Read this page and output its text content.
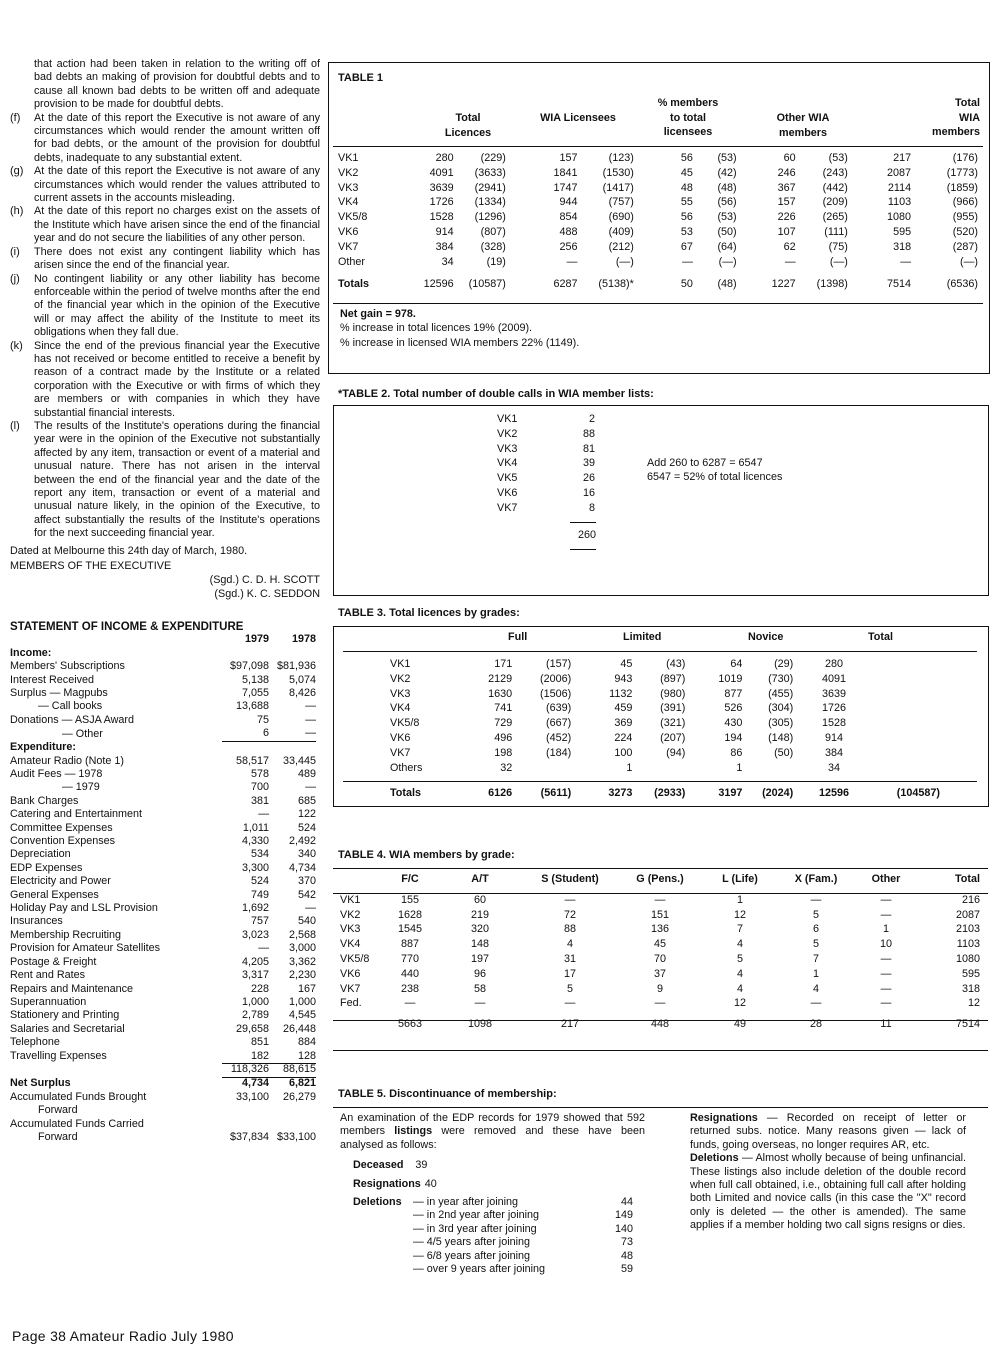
that action had been taken in relation to the writing off of bad debts an making of provision for doubtful debts and to cause all known bad debts to be written off and adequate provision to be made for doubtful debts.

(f)	At the date of this report the Executive is not aware of any circumstances which would render the amount written off for bad debts, or the amount of the provision for doubtful debts, inadequate to any substantial extent.
(g) At the date of this report the Executive is not aware of any circumstances which would render the values attributed to current assets in the accounts misleading.
(h) At the date of this report no charges exist on the assets of the Institute which have arisen since the end of the financial year and do not secure the liabilities of any other person.
(i)	There does not exist any contingent liability which has arisen since the end of the financial year.
(j)	No contingent liability or any other liability has become enforceable within the period of twelve months after the end of the financial year which in the opinion of the Executive will or may affect the ability of the Institute to meet its obligations when they fall due.
(k)	Since the end of the previous financial year the Executive has not received or become entitled to receive a benefit by reason of a contract made by the Institute or a related corporation with the Executive or with firms of which they are members or with companies in which they have substantial financial interests.
(l)	The results of the Institute's operations during the financial year were in the opinion of the Executive not substantially affected by any item, transaction or event of a material and unusual nature. There has not arisen in the interval between the end of the financial year and the date of the report any item, transaction or event of a material and unusual nature likely, in the opinion of the Executive, to affect substantially the results of the Institute's operations for the next succeeding financial year.
Dated at Melbourne this 24th day of March, 1980.
MEMBERS OF THE EXECUTIVE
(Sgd.) C. D. H. SCOTT
(Sgd.) K. C. SEDDON
STATEMENT OF INCOME & EXPENDITURE
	1979	1978
Income:		
Members' Subscriptions	$97,098	$81,936
Interest Received	5,138	5,074
Surplus — Magpubs	7,055	8,426
— Call books	13,688	—
Donations — ASJA Award	75	—
— Other	6	—

Expenditure:		
Amateur Radio (Note 1)	58,517	33,445
Audit Fees — 1978	578	489
— 1979	700	—
Bank Charges	381	685
Catering and Entertainment	—	122
Committee Expenses	1,011	524
Convention Expenses	4,330	2,492
Depreciation	534	340
EDP Expenses	3,300	4,734
Electricity and Power	524	370
General Expenses	749	542
Holiday Pay and LSL Provision	1,692	—
Insurances	757	540
Membership Recruiting	3,023	2,568
Provision for Amateur Satellites	—	3,000
Postage & Freight	4,205	3,362
Rent and Rates	3,317	2,230
Repairs and Maintenance	228	167
Superannuation	1,000	1,000
Stationery and Printing	2,789	4,545
Salaries and Secretarial	29,658	26,448
Telephone	851	884
Travelling Expenses	182	128

	118,326	88,615

Net Surplus	4,734	6,821
Accumulated Funds Brought	33,100	26,279
Forward		
Accumulated Funds Carried		
Forward	$37,834	$33,100
TABLE 1
Total
Licences
WIA Licensees
% members
to total
licensees
Other WIA
members
Total
WIA
members
VK1	280	(229)	157	(123)	56	(53)	60	(53)	217	(176)
VK2	4091	(3633)	1841	(1530)	45	(42)	246	(243)	2087	(1773)
VK3	3639	(2941)	1747	(1417)	48	(48)	367	(442)	2114	(1859)
VK4	1726	(1334)	944	(757)	55	(56)	157	(209)	1103	(966)
VK5/8	1528	(1296)	854	(690)	56	(53)	226	(265)	1080	(955)
VK6	914	(807)	488	(409)	53	(50)	107	(111)	595	(520)
VK7	384	(328)	256	(212)	67	(64)	62	(75)	318	(287)
Other	34	(19)	—	(—)	—	(—)	—	(—)	—	(—)

Totals	12596	(10587)	6287	(5138)*	50	(48)	1227	(1398)	7514	(6536)
Net gain = 978.
% increase in total licences 19% (2009).
% increase in licensed WIA members 22% (1149).
*TABLE 2. Total number of double calls in WIA member lists:
VK1	2
VK2	88
VK3	81
VK4	39
VK5	26
VK6	16
VK7	8
260
Add 260 to 6287 = 6547
6547 = 52% of total licences
TABLE 3. Total licences by grades:
Full	Limited	Novice	Total
VK1	171	(157)	45	(43)	64	(29)	280	
VK2	2129	(2006)	943	(897)	1019	(730)	4091	
VK3	1630	(1506)	1132	(980)	877	(455)	3639	
VK4	741	(639)	459	(391)	526	(304)	1726	
VK5/8	729	(667)	369	(321)	430	(305)	1528	
VK6	496	(452)	224	(207)	194	(148)	914	
VK7	198	(184)	100	(94)	86	(50)	384	
Others	32		1		1		34	
Totals	6126	(5611)	3273	(2933)	3197	(2024)	12596	(104587)
TABLE 4. WIA members by grade:
	F/C	A/T	S (Student)	G (Pens.)	L (Life)	X (Fam.)	Other	Total
VK1	155	60	—	—	1	—	—	216
VK2	1628	219	72	151	12	5	—	2087
VK3	1545	320	88	136	7	6	1	2103
VK4	887	148	4	45	4	5	10	1103
VK5/8	770	197	31	70	5	7	—	1080
VK6	440	96	17	37	4	1	—	595
VK7	238	58	5	9	4	4	—	318
Fed.	—	—	—	—	12	—	—	12

	5663	1098	217	448	49	28	11	7514
TABLE 5. Discontinuance of membership:
An examination of the EDP records for 1979 showed that 592 members listings were removed and these have been analysed as follows:
Deceased 39
Resignations 40
Deletions — in year after joining	44
— in 2nd year after joining	149
— in 3rd year after joining	140
— 4/5 years after joining	73
— 6/8 years after joining	48
— over 9 years after joining	59
Resignations — Recorded on receipt of letter or returned subs. notice. Many reasons given — lack of funds, going overseas, no longer requires AR, etc.
Deletions — Almost wholly because of being unfinancial. These listings also include deletion of the double record when full call obtained, i.e., obtaining full call after holding both Limited and novice calls (in this case the "X" record only is deleted — the other is amended). The same applies if a member holding two call signs resigns or dies.
Page 38 Amateur Radio July 1980
